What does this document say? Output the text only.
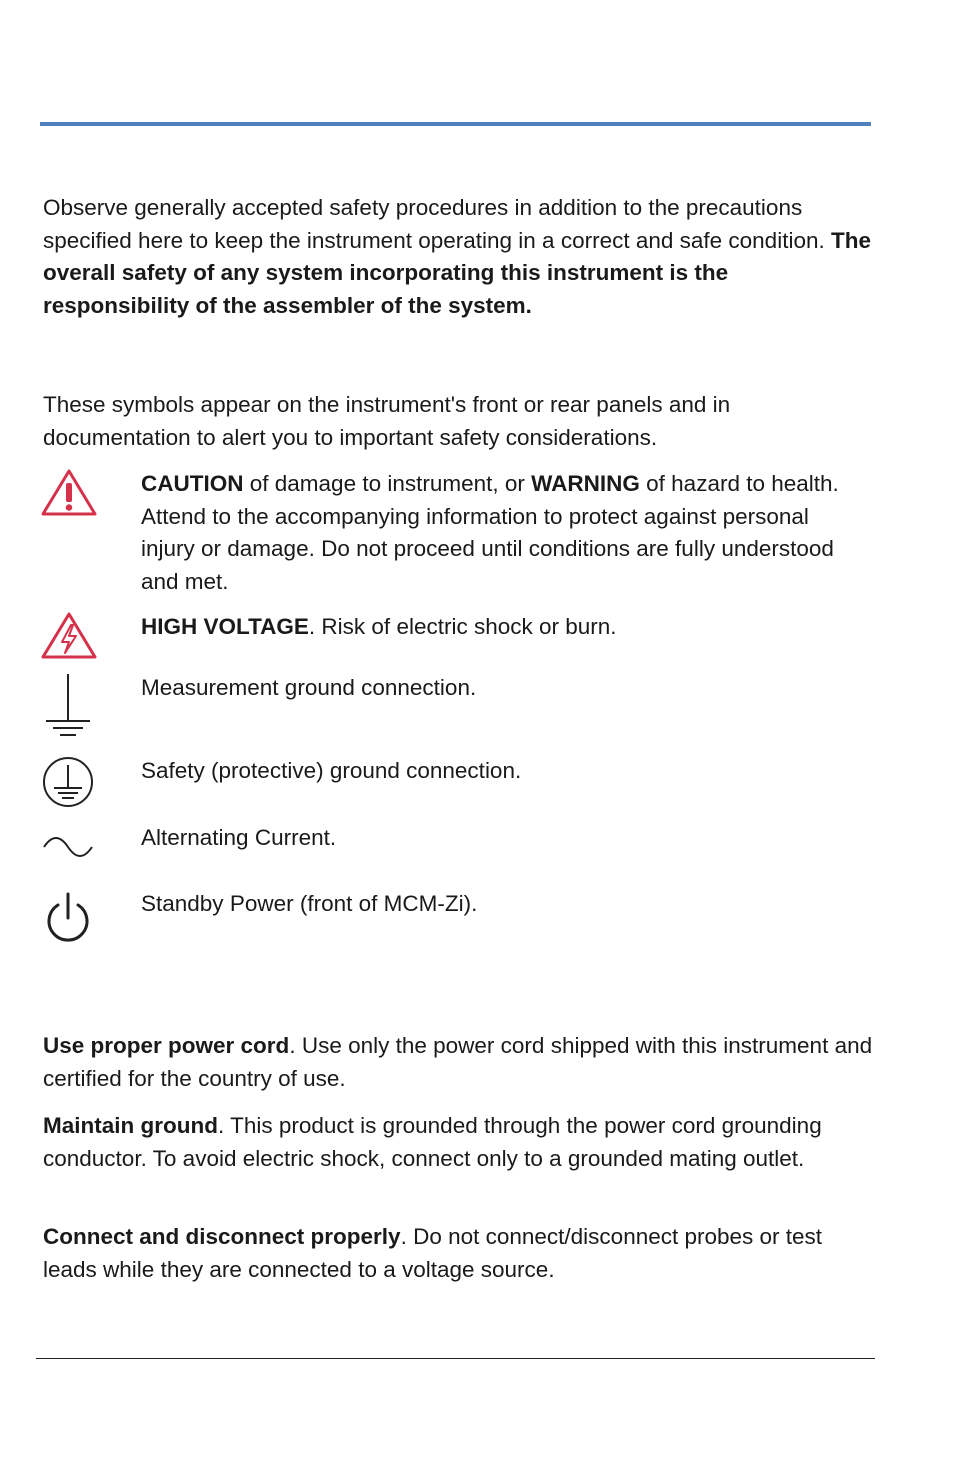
Observe generally accepted safety procedures in addition to the precautions specified here to keep the instrument operating in a correct and safe condition. The overall safety of any system incorporating this instrument is the responsibility of the assembler of the system.

These symbols appear on the instrument's front or rear panels and in documentation to alert you to important safety considerations.

CAUTION of damage to instrument, or WARNING of hazard to health. Attend to the accompanying information to protect against personal injury or damage. Do not proceed until conditions are fully understood and met.

HIGH VOLTAGE. Risk of electric shock or burn.

Measurement ground connection.

Safety (protective) ground connection.

Alternating Current.

Standby Power (front of MCM-Zi).

Use proper power cord. Use only the power cord shipped with this instrument and certified for the country of use.

Maintain ground. This product is grounded through the power cord grounding conductor. To avoid electric shock, connect only to a grounded mating outlet.

Connect and disconnect properly. Do not connect/disconnect probes or test leads while they are connected to a voltage source.
